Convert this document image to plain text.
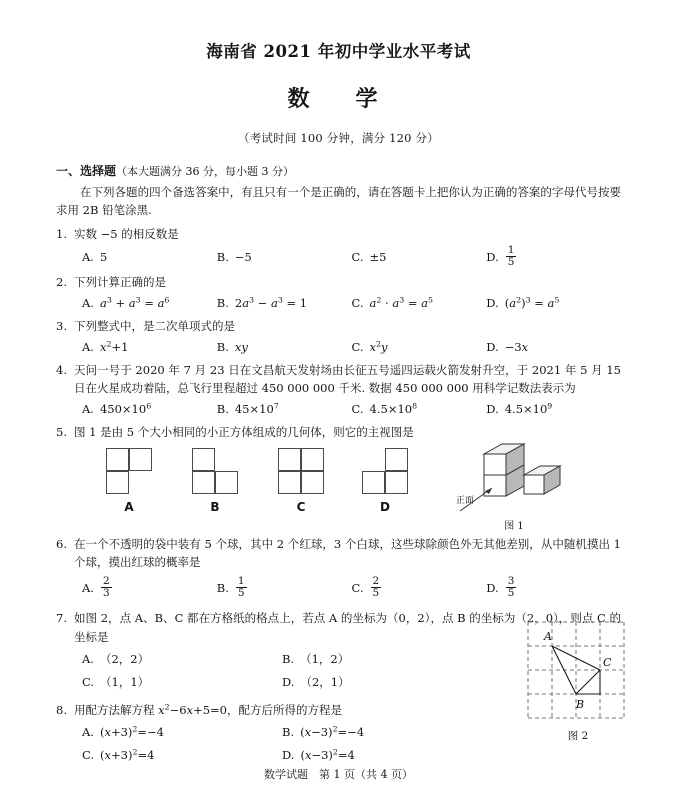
海南省 2021 年初中学业水平考试
数　学
（考试时间 100 分钟，满分 120 分）
一、选择题（本大题满分 36 分，每小题 3 分）
在下列各题的四个备选答案中，有且只有一个是正确的，请在答题卡上把你认为正确的答案的字母代号按要求用 2B 铅笔涂黑.
1. 实数 −5 的相反数是
A. 5	B. −5	C. ±5	D. $\frac{1}{5}$
2. 下列计算正确的是
A. $a^3 + a^3 = a^6$	B. $2a^3 - a^3 = 1$	C. $a^2 \cdot a^3 = a^5$	D. $(a^2)^3 = a^5$
3. 下列整式中，是二次单项式的是
A. $x^2+1$	B. xy	C. $x^2y$	D. −3x
4. 天问一号于 2020 年 7 月 23 日在文昌航天发射场由长征五号遥四运载火箭发射升空，于 2021 年 5 月 15 日在火星成功着陆，总飞行里程超过 450 000 000 千米. 数据 450 000 000 用科学记数法表示为
A. $450\times 10^6$	B. $45\times 10^7$	C. $4.5\times 10^8$	D. $4.5\times 10^9$
5. 图 1 是由 5 个大小相同的小正方体组成的几何体，则它的主视图是
A	B	C	D	正面
图 1
6. 在一个不透明的袋中装有 5 个球，其中 2 个红球，3 个白球，这些球除颜色外无其他差别，从中随机摸出 1 个球，摸出红球的概率是
A. $\frac{2}{3}$	B. $\frac{1}{5}$	C. $\frac{2}{5}$	D. $\frac{3}{5}$
7. 如图 2，点 A、B、C 都在方格纸的格点上，若点 A 的坐标为（0，2），点 B 的坐标为（2，0），则点 C 的坐标是
A. （2，2）	B. （1，2）
C. （1，1）	D. （2，1）
8. 用配方法解方程 $x^2-6x+5=0$，配方后所得的方程是
A. $(x+3)^2=-4$	B. $(x-3)^2=-4$
C. $(x+3)^2=4$	D. $(x-3)^2=4$
A
C
B
图 2
数学试题　第 1 页（共 4 页）
